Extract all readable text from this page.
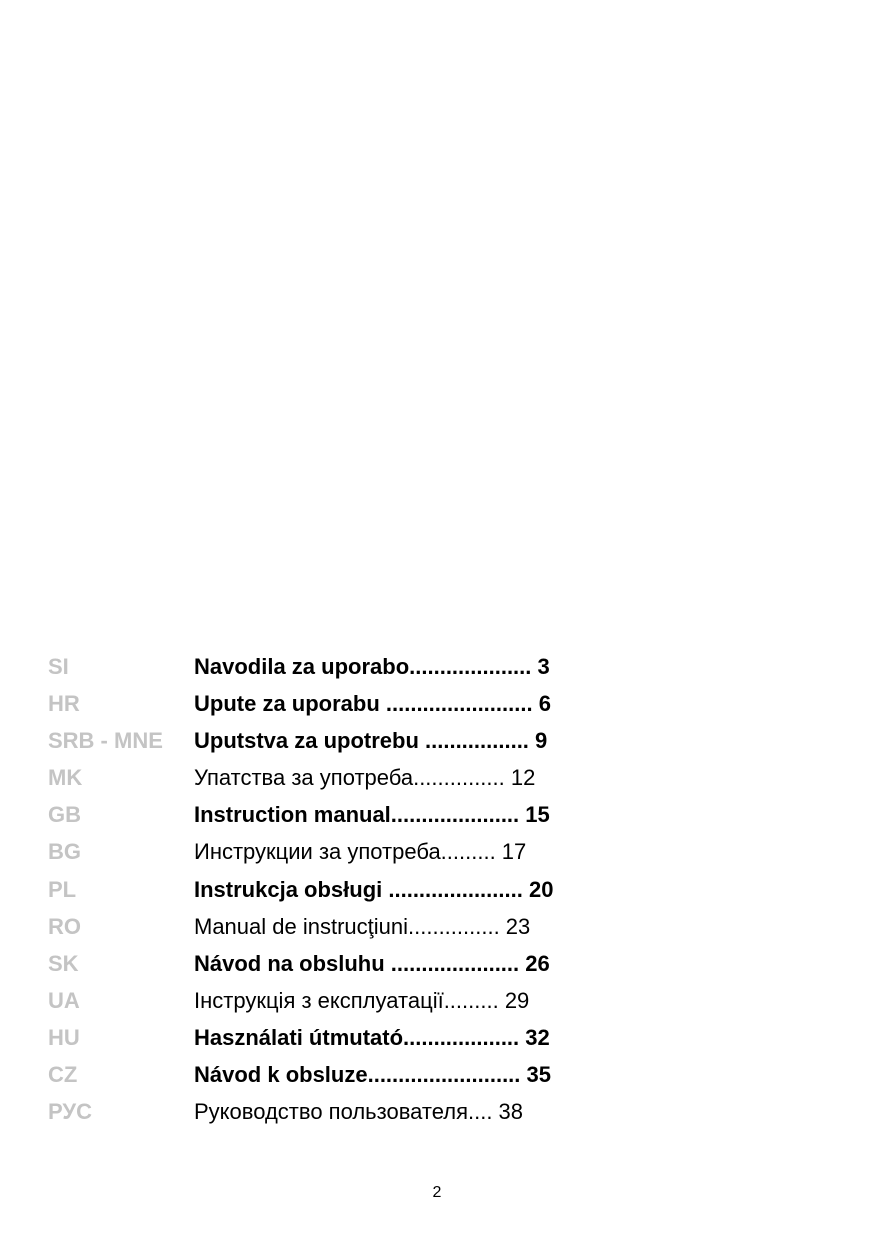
SI	Navodila za uporabo.................... 3
HR	Upute za uporabu ........................ 6
SRB - MNE Uputstva za upotrebu ................. 9
MK	Упатства за употреба............... 12
GB	Instruction manual..................... 15
BG	Инструкции за употреба......... 17
PL	Instrukcja obsługi ...................... 20
RO	Manual de instrucţiuni............... 23
SK	Návod na obsluhu ..................... 26
UA	Інструкція з експлуатації......... 29
HU	Használati útmutató................... 32
CZ	Návod k obsluze......................... 35
РУС	Руководство пользователя.... 38
2
